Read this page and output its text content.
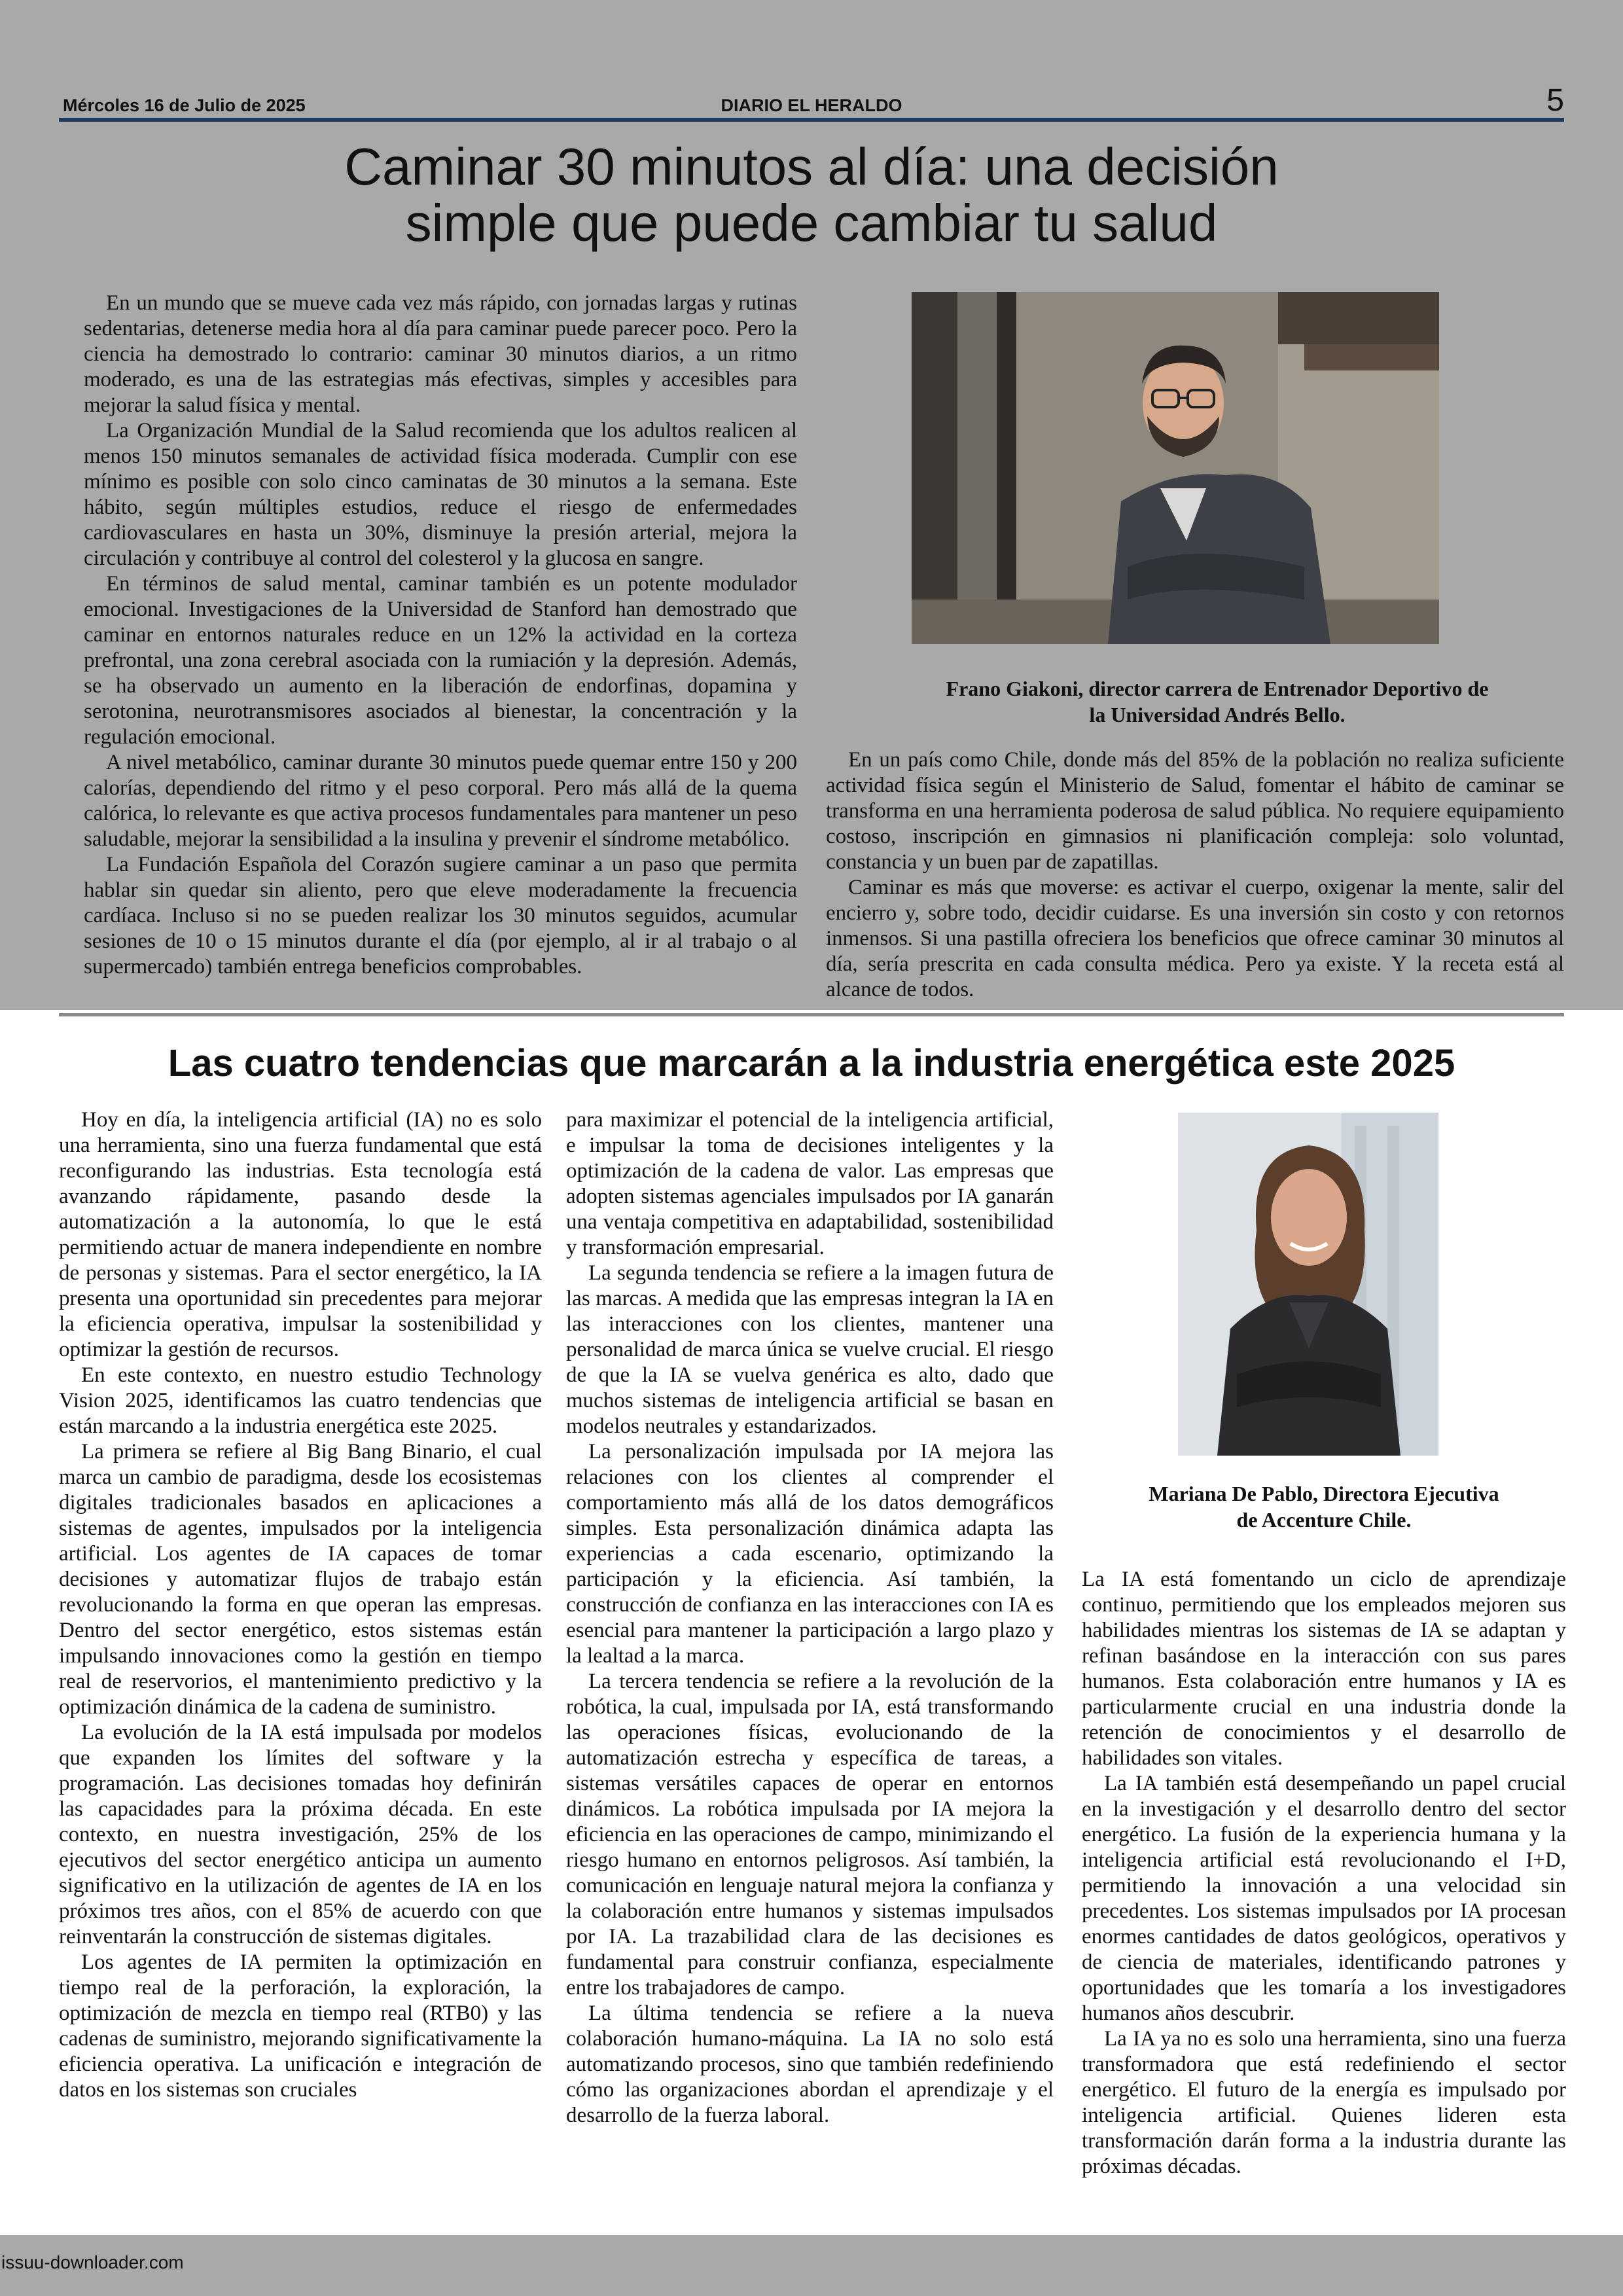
Mércoles 16 de Julio de 2025	DIARIO EL HERALDO	5
Caminar 30 minutos al día: una decisión
simple que puede cambiar tu salud

En un mundo que se mueve cada vez más rápido, con jornadas largas y rutinas sedentarias, detenerse media hora al día para caminar puede parecer poco. Pero la ciencia ha demostrado lo contrario: caminar 30 minutos diarios, a un ritmo moderado, es una de las estrategias más efectivas, simples y accesibles para mejorar la salud física y mental.

La Organización Mundial de la Salud recomienda que los adultos realicen al menos 150 minutos semanales de actividad física moderada. Cumplir con ese mínimo es posible con solo cinco caminatas de 30 minutos a la semana. Este hábito, según múltiples estudios, reduce el riesgo de enfermedades cardiovasculares en hasta un 30%, disminuye la presión arterial, mejora la circulación y contribuye al control del colesterol y la glucosa en sangre.

En términos de salud mental, caminar también es un potente modulador emocional. Investigaciones de la Universidad de Stanford han demostrado que caminar en entornos naturales reduce en un 12% la actividad en la corteza prefrontal, una zona cerebral asociada con la rumiación y la depresión. Además, se ha observado un aumento en la liberación de endorfinas, dopamina y serotonina, neurotransmisores asociados al bienestar, la concentración y la regulación emocional.

A nivel metabólico, caminar durante 30 minutos puede quemar entre 150 y 200 calorías, dependiendo del ritmo y el peso corporal. Pero más allá de la quema calórica, lo relevante es que activa procesos fundamentales para mantener un peso saludable, mejorar la sensibilidad a la insulina y prevenir el síndrome metabólico.

La Fundación Española del Corazón sugiere caminar a un paso que permita hablar sin quedar sin aliento, pero que eleve moderadamente la frecuencia cardíaca. Incluso si no se pueden realizar los 30 minutos seguidos, acumular sesiones de 10 o 15 minutos durante el día (por ejemplo, al ir al trabajo o al supermercado) también entrega beneficios comprobables.

Frano Giakoni, director carrera de Entrenador Deportivo de
la Universidad Andrés Bello.

En un país como Chile, donde más del 85% de la población no realiza suficiente actividad física según el Ministerio de Salud, fomentar el hábito de caminar se transforma en una herramienta poderosa de salud pública. No requiere equipamiento costoso, inscripción en gimnasios ni planificación compleja: solo voluntad, constancia y un buen par de zapatillas.

Caminar es más que moverse: es activar el cuerpo, oxigenar la mente, salir del encierro y, sobre todo, decidir cuidarse. Es una inversión sin costo y con retornos inmensos. Si una pastilla ofreciera los beneficios que ofrece caminar 30 minutos al día, sería prescrita en cada consulta médica. Pero ya existe. Y la receta está al alcance de todos.

Las cuatro tendencias que marcarán a la industria energética este 2025

Hoy en día, la inteligencia artificial (IA) no es solo una herramienta, sino una fuerza fundamental que está reconfigurando las industrias. Esta tecnología está avanzando rápidamente, pasando desde la automatización a la autonomía, lo que le está permitiendo actuar de manera independiente en nombre de personas y sistemas. Para el sector energético, la IA presenta una oportunidad sin precedentes para mejorar la eficiencia operativa, impulsar la sostenibilidad y optimizar la gestión de recursos.

En este contexto, en nuestro estudio Technology Vision 2025, identificamos las cuatro tendencias que están marcando a la industria energética este 2025.

La primera se refiere al Big Bang Binario, el cual marca un cambio de paradigma, desde los ecosistemas digitales tradicionales basados en aplicaciones a sistemas de agentes, impulsados por la inteligencia artificial. Los agentes de IA capaces de tomar decisiones y automatizar flujos de trabajo están revolucionando la forma en que operan las empresas. Dentro del sector energético, estos sistemas están impulsando innovaciones como la gestión en tiempo real de reservorios, el mantenimiento predictivo y la optimización dinámica de la cadena de suministro.

La evolución de la IA está impulsada por modelos que expanden los límites del software y la programación. Las decisiones tomadas hoy definirán las capacidades para la próxima década. En este contexto, en nuestra investigación, 25% de los ejecutivos del sector energético anticipa un aumento significativo en la utilización de agentes de IA en los próximos tres años, con el 85% de acuerdo con que reinventarán la construcción de sistemas digitales.

Los agentes de IA permiten la optimización en tiempo real de la perforación, la exploración, la optimización de mezcla en tiempo real (RTB0) y las cadenas de suministro, mejorando significativamente la eficiencia operativa. La unificación e integración de datos en los sistemas son cruciales

para maximizar el potencial de la inteligencia artificial, e impulsar la toma de decisiones inteligentes y la optimización de la cadena de valor. Las empresas que adopten sistemas agenciales impulsados por IA ganarán una ventaja competitiva en adaptabilidad, sostenibilidad y transformación empresarial.

La segunda tendencia se refiere a la imagen futura de las marcas. A medida que las empresas integran la IA en las interacciones con los clientes, mantener una personalidad de marca única se vuelve crucial. El riesgo de que la IA se vuelva genérica es alto, dado que muchos sistemas de inteligencia artificial se basan en modelos neutrales y estandarizados.

La personalización impulsada por IA mejora las relaciones con los clientes al comprender el comportamiento más allá de los datos demográficos simples. Esta personalización dinámica adapta las experiencias a cada escenario, optimizando la participación y la eficiencia. Así también, la construcción de confianza en las interacciones con IA es esencial para mantener la participación a largo plazo y la lealtad a la marca.

La tercera tendencia se refiere a la revolución de la robótica, la cual, impulsada por IA, está transformando las operaciones físicas, evolucionando de la automatización estrecha y específica de tareas, a sistemas versátiles capaces de operar en entornos dinámicos. La robótica impulsada por IA mejora la eficiencia en las operaciones de campo, minimizando el riesgo humano en entornos peligrosos. Así también, la comunicación en lenguaje natural mejora la confianza y la colaboración entre humanos y sistemas impulsados por IA. La trazabilidad clara de las decisiones es fundamental para construir confianza, especialmente entre los trabajadores de campo.

La última tendencia se refiere a la nueva colaboración humano-máquina. La IA no solo está automatizando procesos, sino que también redefiniendo cómo las organizaciones abordan el aprendizaje y el desarrollo de la fuerza laboral.

Mariana De Pablo, Directora Ejecutiva
de Accenture Chile.

La IA está fomentando un ciclo de aprendizaje continuo, permitiendo que los empleados mejoren sus habilidades mientras los sistemas de IA se adaptan y refinan basándose en la interacción con sus pares humanos. Esta colaboración entre humanos y IA es particularmente crucial en una industria donde la retención de conocimientos y el desarrollo de habilidades son vitales.

La IA también está desempeñando un papel crucial en la investigación y el desarrollo dentro del sector energético. La fusión de la experiencia humana y la inteligencia artificial está revolucionando el I+D, permitiendo la innovación a una velocidad sin precedentes. Los sistemas impulsados por IA procesan enormes cantidades de datos geológicos, operativos y de ciencia de materiales, identificando patrones y oportunidades que les tomaría a los investigadores humanos años descubrir.

La IA ya no es solo una herramienta, sino una fuerza transformadora que está redefiniendo el sector energético. El futuro de la energía es impulsado por inteligencia artificial. Quienes lideren esta transformación darán forma a la industria durante las próximas décadas.

issuu-downloader.com
